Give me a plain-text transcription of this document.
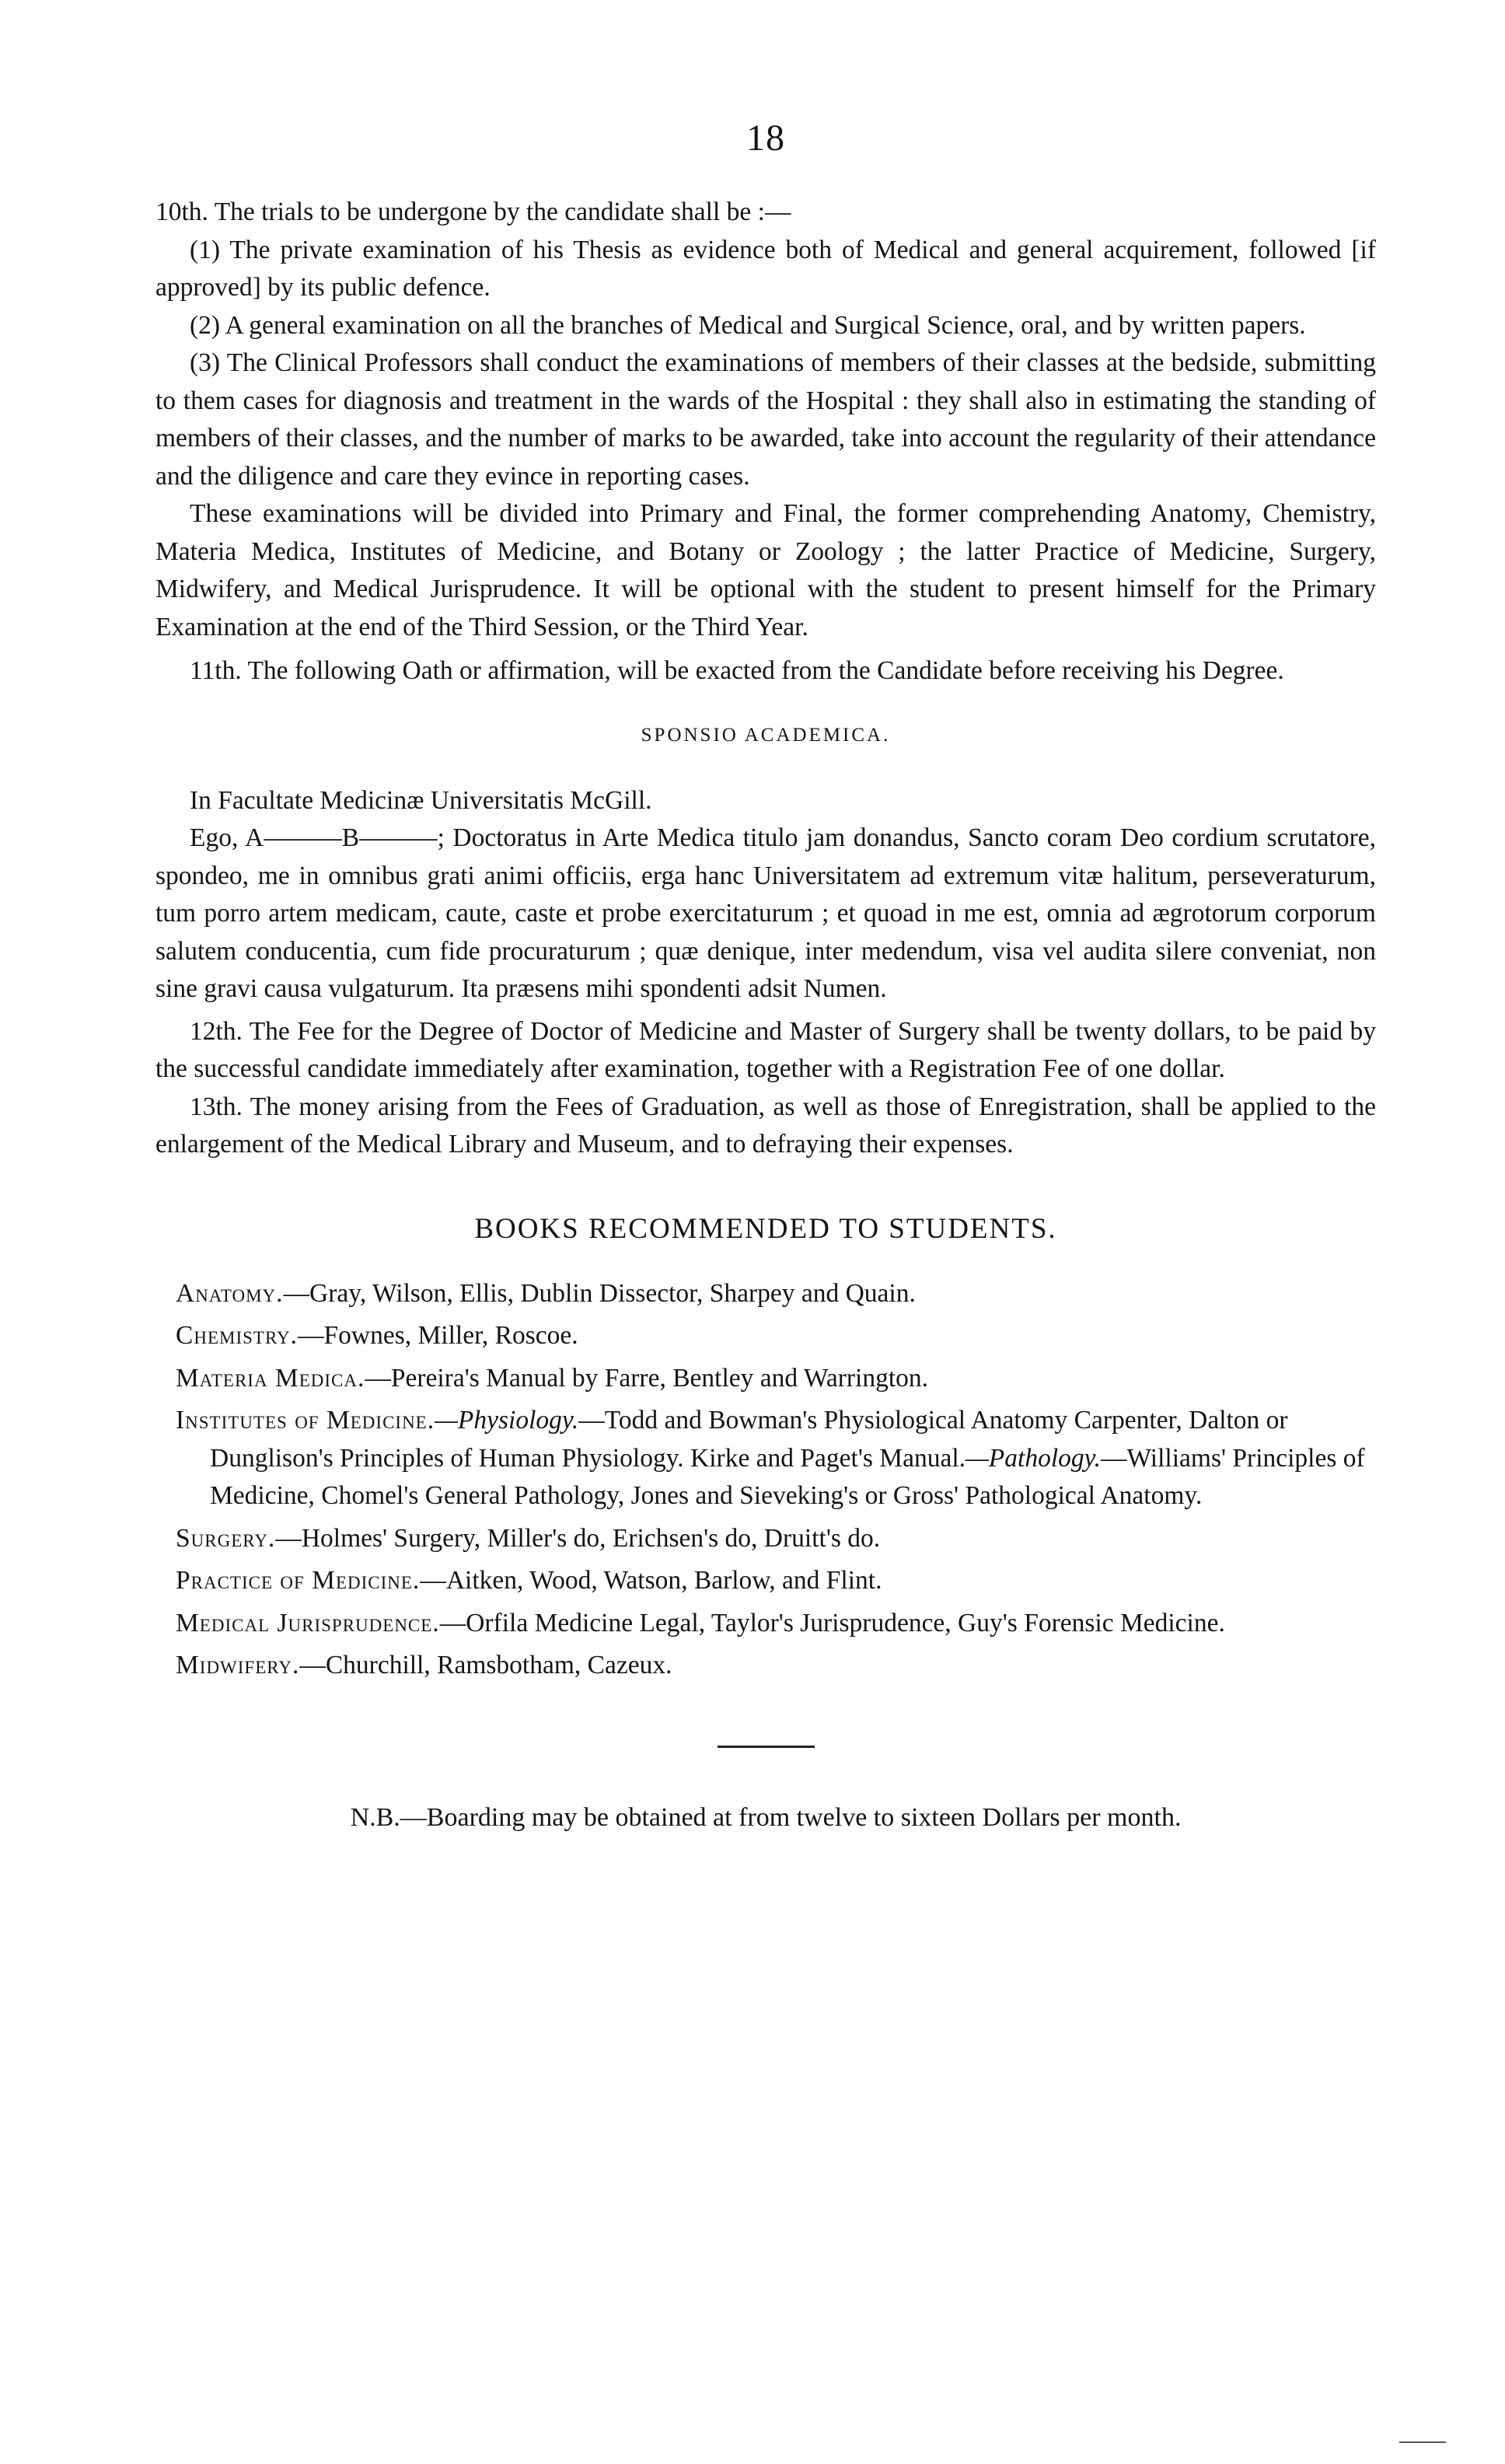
18

10th. The trials to be undergone by the candidate shall be :—

(1) The private examination of his Thesis as evidence both of Medical and general acquirement, followed [if approved] by its public defence.

(2) A general examination on all the branches of Medical and Surgical Science, oral, and by written papers.

(3) The Clinical Professors shall conduct the examinations of members of their classes at the bedside, submitting to them cases for diagnosis and treatment in the wards of the Hospital : they shall also in estimating the standing of members of their classes, and the number of marks to be awarded, take into account the regularity of their attendance and the diligence and care they evince in reporting cases.

These examinations will be divided into Primary and Final, the former comprehending Anatomy, Chemistry, Materia Medica, Institutes of Medicine, and Botany or Zoology ; the latter Practice of Medicine, Surgery, Midwifery, and Medical Jurisprudence. It will be optional with the student to present himself for the Primary Examination at the end of the Third Session, or the Third Year.

11th. The following Oath or affirmation, will be exacted from the Candidate before receiving his Degree.

SPONSIO ACADEMICA.

In Facultate Medicinæ Universitatis McGill.

Ego, A———B———; Doctoratus in Arte Medica titulo jam donandus, Sancto coram Deo cordium scrutatore, spondeo, me in omnibus grati animi officiis, erga hanc Universitatem ad extremum vitæ halitum, perseveraturum, tum porro artem medicam, caute, caste et probe exercitaturum ; et quoad in me est, omnia ad ægrotorum corporum salutem conducentia, cum fide procuraturum ; quæ denique, inter medendum, visa vel audita silere conveniat, non sine gravi causa vulgaturum. Ita præsens mihi spondenti adsit Numen.

12th. The Fee for the Degree of Doctor of Medicine and Master of Surgery shall be twenty dollars, to be paid by the successful candidate immediately after examination, together with a Registration Fee of one dollar.

13th. The money arising from the Fees of Graduation, as well as those of Enregistration, shall be applied to the enlargement of the Medical Library and Museum, and to defraying their expenses.

BOOKS RECOMMENDED TO STUDENTS.
Anatomy.—Gray, Wilson, Ellis, Dublin Dissector, Sharpey and Quain.
Chemistry.—Fownes, Miller, Roscoe.
Materia Medica.—Pereira's Manual by Farre, Bentley and Warrington.
Institutes of Medicine.—Physiology.—Todd and Bowman's Physiological Anatomy Carpenter, Dalton or Dunglison's Principles of Human Physiology. Kirke and Paget's Manual.—Pathology.—Williams' Principles of Medicine, Chomel's General Pathology, Jones and Sieveking's or Gross' Pathological Anatomy.
Surgery.—Holmes' Surgery, Miller's do, Erichsen's do, Druitt's do.
Practice of Medicine.—Aitken, Wood, Watson, Barlow, and Flint.
Medical Jurisprudence.—Orfila Medicine Legal, Taylor's Jurisprudence, Guy's Forensic Medicine.
Midwifery.—Churchill, Ramsbotham, Cazeux.

N.B.—Boarding may be obtained at from twelve to sixteen Dollars per month.
